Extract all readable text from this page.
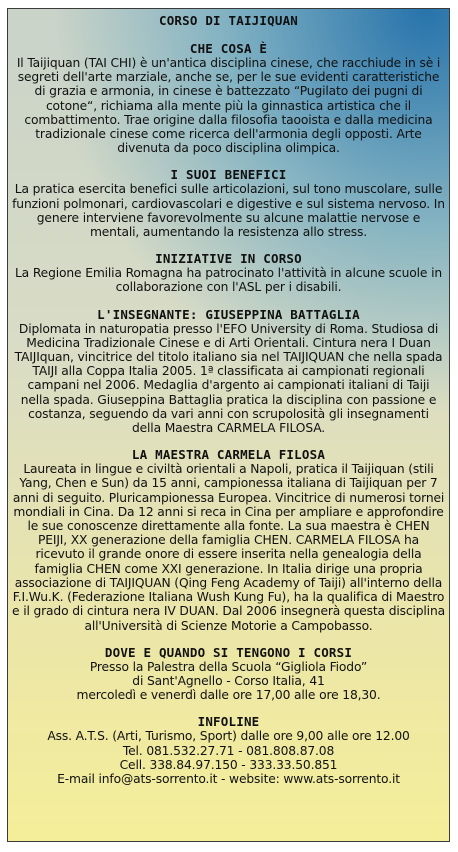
CORSO DI TAIJIQUAN
CHE COSA È

Il Taijiquan (TAI CHI) è un'antica disciplina cinese, che racchiude in sè i segreti dell'arte marziale, anche se, per le sue evidenti caratteristiche di grazia e armonia, in cinese è battezzato “Pugilato dei pugni di cotone“, richiama alla mente più la ginnastica artistica che il combattimento. Trae origine dalla filosofia taooista e dalla medicina tradizionale cinese come ricerca dell'armonia degli opposti. Arte divenuta da poco disciplina olimpica.

I SUOI BENEFICI

La pratica esercita benefici sulle articolazioni, sul tono muscolare, sulle funzioni polmonari, cardiovascolari e digestive e sul sistema nervoso. In genere interviene favorevolmente su alcune malattie nervose e mentali, aumentando la resistenza allo stress.

INIZIATIVE IN CORSO

La Regione Emilia Romagna ha patrocinato l'attività in alcune scuole in collaborazione con l'ASL per i disabili.

L'INSEGNANTE: GIUSEPPINA BATTAGLIA

Diplomata in naturopatia presso l'EFO University di Roma. Studiosa di Medicina Tradizionale Cinese e di Arti Orientali. Cintura nera I Duan TAIJIquan, vincitrice del titolo italiano sia nel TAIJIQUAN che nella spada TAIJI alla Coppa Italia 2005. 1ª classificata ai campionati regionali campani nel 2006. Medaglia d'argento ai campionati italiani di Taiji nella spada. Giuseppina Battaglia pratica la disciplina con passione e costanza, seguendo da vari anni con scrupolosità gli insegnamenti della Maestra CARMELA FILOSA.

LA MAESTRA CARMELA FILOSA

Laureata in lingue e civiltà orientali a Napoli, pratica il Taijiquan (stili Yang, Chen e Sun) da 15 anni, campionessa italiana di Taijiquan per 7 anni di seguito. Pluricampionessa Europea. Vincitrice di numerosi tornei mondiali in Cina. Da 12 anni si reca in Cina per ampliare e approfondire le sue conoscenze direttamente alla fonte. La sua maestra è CHEN PEIJI, XX generazione della famiglia CHEN. CARMELA FILOSA ha ricevuto il grande onore di essere inserita nella genealogia della famiglia CHEN come XXI generazione. In Italia dirige una propria associazione di TAIJIQUAN (Qing Feng Academy of Taiji) all'interno della F.I.Wu.K. (Federazione Italiana Wush Kung Fu), ha la qualifica di Maestro e il grado di cintura nera IV DUAN. Dal 2006 insegnerà questa disciplina all'Università di Scienze Motorie a Campobasso.

DOVE E QUANDO SI TENGONO I CORSI
Presso la Palestra della Scuola “Gigliola Fiodo”
di Sant'Agnello - Corso Italia, 41
mercoledì e venerdì dalle ore 17,00 alle ore 18,30.
INFOLINE
Ass. A.T.S. (Arti, Turismo, Sport) dalle ore 9,00 alle ore 12.00
Tel. 081.532.27.71 - 081.808.87.08
Cell. 338.84.97.150 - 333.33.50.851
E-mail info@ats-sorrento.it - website: www.ats-sorrento.it
